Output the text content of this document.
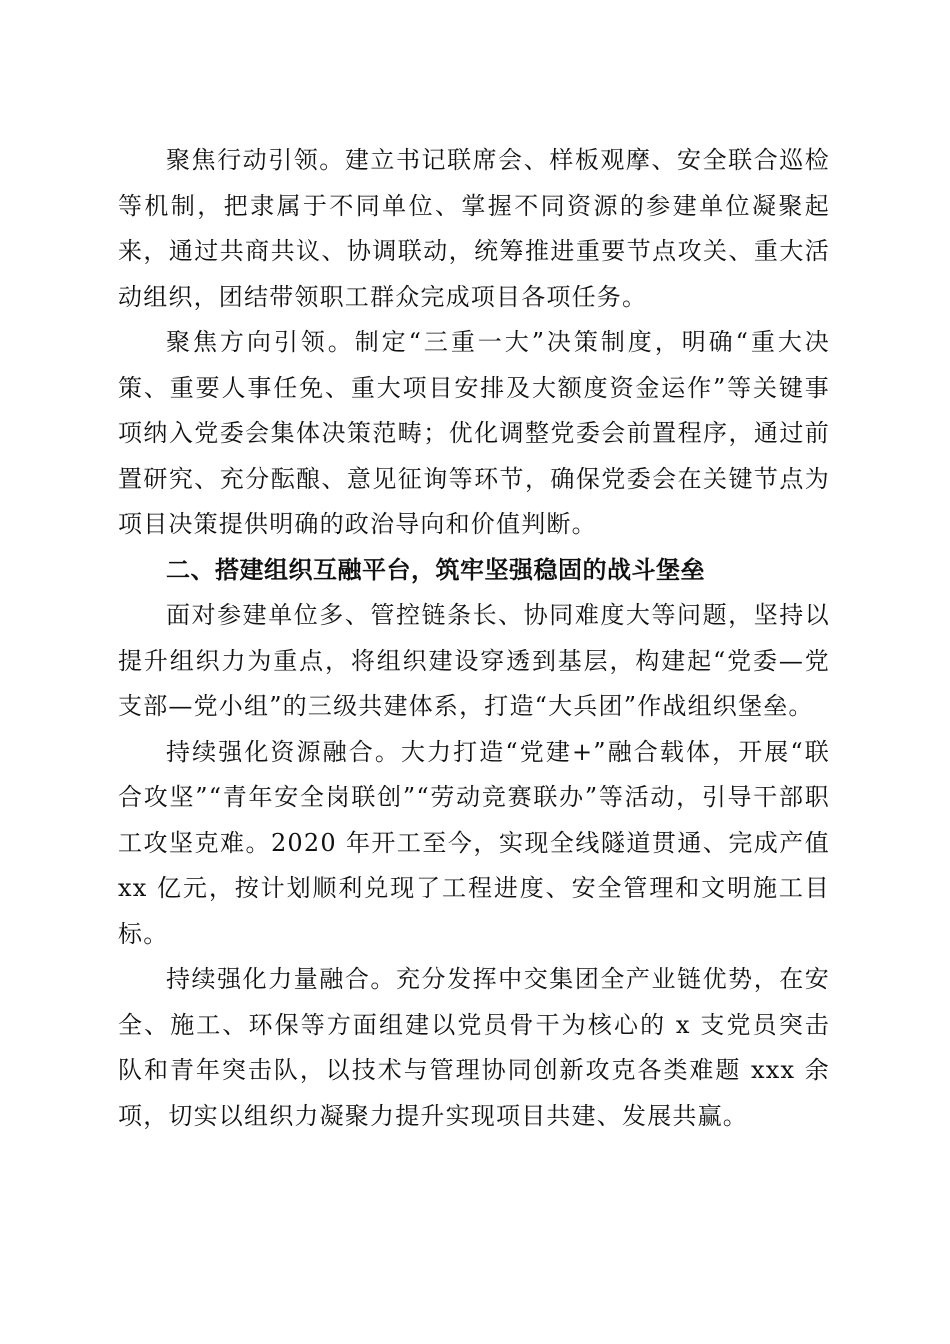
聚焦行动引领。建立书记联席会、样板观摩、安全联合巡检等机制，把隶属于不同单位、掌握不同资源的参建单位凝聚起来，通过共商共议、协调联动，统筹推进重要节点攻关、重大活动组织，团结带领职工群众完成项目各项任务。

聚焦方向引领。制定“三重一大”决策制度，明确“重大决策、重要人事任免、重大项目安排及大额度资金运作”等关键事项纳入党委会集体决策范畴；优化调整党委会前置程序，通过前置研究、充分酝酿、意见征询等环节，确保党委会在关键节点为项目决策提供明确的政治导向和价值判断。

二、搭建组织互融平台，筑牢坚强稳固的战斗堡垒

面对参建单位多、管控链条长、协同难度大等问题，坚持以提升组织力为重点，将组织建设穿透到基层，构建起“党委—党支部—党小组”的三级共建体系，打造“大兵团”作战组织堡垒。

持续强化资源融合。大力打造“党建+”融合载体，开展“联合攻坚”“青年安全岗联创”“劳动竞赛联办”等活动，引导干部职工攻坚克难。2020 年开工至今，实现全线隧道贯通、完成产值 xx 亿元，按计划顺利兑现了工程进度、安全管理和文明施工目标。

持续强化力量融合。充分发挥中交集团全产业链优势，在安全、施工、环保等方面组建以党员骨干为核心的 x 支党员突击队和青年突击队，以技术与管理协同创新攻克各类难题 xxx 余项，切实以组织力凝聚力提升实现项目共建、发展共赢。
